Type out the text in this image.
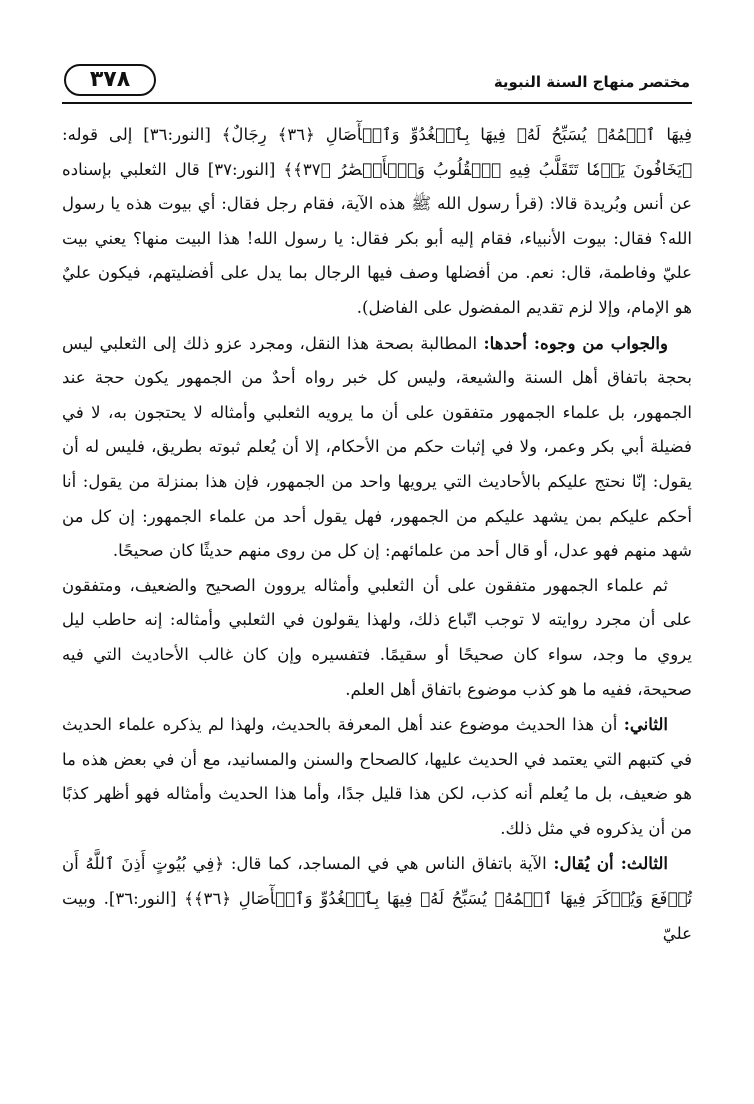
٣٧٨	مختصر منهاج السنة النبوية

فِيهَا ٱسۡمُهُۥ يُسَبِّحُ لَهُۥ فِيهَا بِٱلۡغُدُوِّ وَٱلۡأٓصَالِ ﴿٣٦﴾ رِجَالٌ﴾ [النور:٣٦] إلى قوله: ﴿يَخَافُونَ يَوۡمٗا تَتَقَلَّبُ فِيهِ ٱلۡقُلُوبُ وَٱلۡأَبۡصَٰرُ ﴿٣٧﴾﴾ [النور:٣٧] قال الثعلبي بإسناده عن أنس وبُريدة قالا: (قرأ رسول الله ﷺ هذه الآية، فقام رجل فقال: أي بيوت هذه يا رسول الله؟ فقال: بيوت الأنبياء، فقام إليه أبو بكر فقال: يا رسول الله! هذا البيت منها؟ يعني بيت عليّ وفاطمة، قال: نعم. من أفضلها وصف فيها الرجال بما يدل على أفضليتهم، فيكون عليٌ هو الإمام، وإلا لزم تقديم المفضول على الفاضل).

والجواب من وجوه: أحدها: المطالبة بصحة هذا النقل، ومجرد عزو ذلك إلى الثعلبي ليس بحجة باتفاق أهل السنة والشيعة، وليس كل خبر رواه أحدٌ من الجمهور يكون حجة عند الجمهور، بل علماء الجمهور متفقون على أن ما يرويه الثعلبي وأمثاله لا يحتجون به، لا في فضيلة أبي بكر وعمر، ولا في إثبات حكم من الأحكام، إلا أن يُعلم ثبوته بطريق، فليس له أن يقول: إنّا نحتج عليكم بالأحاديث التي يرويها واحد من الجمهور، فإن هذا بمنزلة من يقول: أنا أحكم عليكم بمن يشهد عليكم من الجمهور، فهل يقول أحد من علماء الجمهور: إن كل من شهد منهم فهو عدل، أو قال أحد من علمائهم: إن كل من روى منهم حديثًا كان صحيحًا.

ثم علماء الجمهور متفقون على أن الثعلبي وأمثاله يروون الصحيح والضعيف، ومتفقون على أن مجرد روايته لا توجب اتّباع ذلك، ولهذا يقولون في الثعلبي وأمثاله: إنه حاطب ليل يروي ما وجد، سواء كان صحيحًا أو سقيمًا. فتفسيره وإن كان غالب الأحاديث التي فيه صحيحة، ففيه ما هو كذب موضوع باتفاق أهل العلم.

الثاني: أن هذا الحديث موضوع عند أهل المعرفة بالحديث، ولهذا لم يذكره علماء الحديث في كتبهم التي يعتمد في الحديث عليها، كالصحاح والسنن والمسانيد، مع أن في بعض هذه ما هو ضعيف، بل ما يُعلم أنه كذب، لكن هذا قليل جدًا، وأما هذا الحديث وأمثاله فهو أظهر كذبًا من أن يذكروه في مثل ذلك.

الثالث: أن يُقال: الآية باتفاق الناس هي في المساجد، كما قال: ﴿فِي بُيُوتٍ أَذِنَ ٱللَّهُ أَن تُرۡفَعَ وَيُذۡكَرَ فِيهَا ٱسۡمُهُۥ يُسَبِّحُ لَهُۥ فِيهَا بِٱلۡغُدُوِّ وَٱلۡأٓصَالِ ﴿٣٦﴾﴾ [النور:٣٦]. وبيت عليّ
